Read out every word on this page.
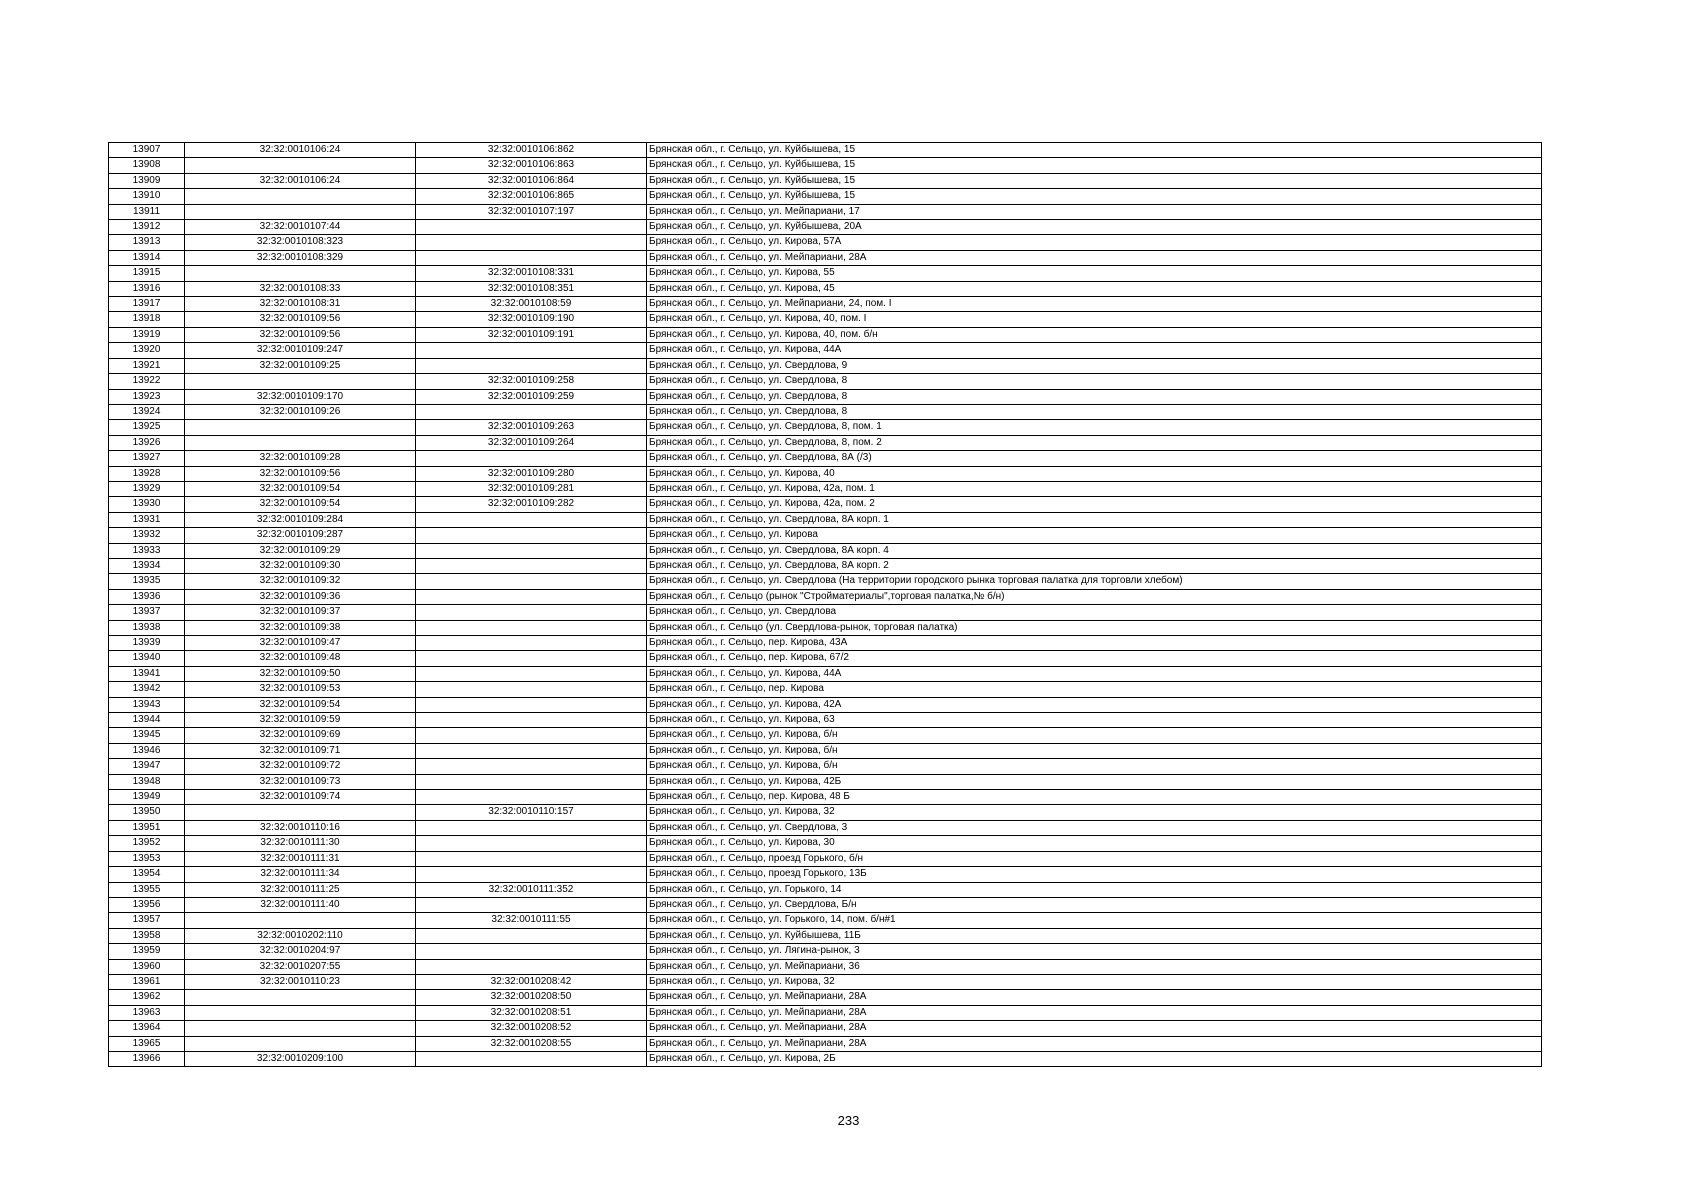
13907	32:32:0010106:24	32:32:0010106:862	Брянская обл., г. Сельцо, ул. Куйбышева, 15
13908		32:32:0010106:863	Брянская обл., г. Сельцо, ул. Куйбышева, 15
13909	32:32:0010106:24	32:32:0010106:864	Брянская обл., г. Сельцо, ул. Куйбышева, 15
13910		32:32:0010106:865	Брянская обл., г. Сельцо, ул. Куйбышева, 15
13911		32:32:0010107:197	Брянская обл., г. Сельцо, ул. Мейпариани, 17
13912	32:32:0010107:44		Брянская обл., г. Сельцо, ул. Куйбышева, 20А
13913	32:32:0010108:323		Брянская обл., г. Сельцо, ул. Кирова, 57А
13914	32:32:0010108:329		Брянская обл., г. Сельцо, ул. Мейпариани, 28А
13915		32:32:0010108:331	Брянская обл., г. Сельцо, ул. Кирова, 55
13916	32:32:0010108:33	32:32:0010108:351	Брянская обл., г. Сельцо, ул. Кирова, 45
13917	32:32:0010108:31	32:32:0010108:59	Брянская обл., г. Сельцо, ул. Мейпариани, 24, пом. I
13918	32:32:0010109:56	32:32:0010109:190	Брянская обл., г. Сельцо, ул. Кирова, 40, пом. I
13919	32:32:0010109:56	32:32:0010109:191	Брянская обл., г. Сельцо, ул. Кирова, 40, пом. б/н
13920	32:32:0010109:247		Брянская обл., г. Сельцо, ул. Кирова, 44А
13921	32:32:0010109:25		Брянская обл., г. Сельцо, ул. Свердлова, 9
13922		32:32:0010109:258	Брянская обл., г. Сельцо, ул. Свердлова, 8
13923	32:32:0010109:170	32:32:0010109:259	Брянская обл., г. Сельцо, ул. Свердлова, 8
13924	32:32:0010109:26		Брянская обл., г. Сельцо, ул. Свердлова, 8
13925		32:32:0010109:263	Брянская обл., г. Сельцо, ул. Свердлова, 8, пом. 1
13926		32:32:0010109:264	Брянская обл., г. Сельцо, ул. Свердлова, 8, пом. 2
13927	32:32:0010109:28		Брянская обл., г. Сельцо, ул. Свердлова, 8А (/3)
13928	32:32:0010109:56	32:32:0010109:280	Брянская обл., г. Сельцо, ул. Кирова, 40
13929	32:32:0010109:54	32:32:0010109:281	Брянская обл., г. Сельцо, ул. Кирова, 42а, пом. 1
13930	32:32:0010109:54	32:32:0010109:282	Брянская обл., г. Сельцо, ул. Кирова, 42а, пом. 2
13931	32:32:0010109:284		Брянская обл., г. Сельцо, ул. Свердлова, 8А корп. 1
13932	32:32:0010109:287		Брянская обл., г. Сельцо, ул. Кирова
13933	32:32:0010109:29		Брянская обл., г. Сельцо, ул. Свердлова, 8А корп. 4
13934	32:32:0010109:30		Брянская обл., г. Сельцо, ул. Свердлова, 8А корп. 2
13935	32:32:0010109:32		Брянская обл., г. Сельцо, ул. Свердлова (На территории городского рынка торговая палатка для торговли хлебом)
13936	32:32:0010109:36		Брянская обл., г. Сельцо (рынок "Стройматериалы",торговая палатка,№ б/н)
13937	32:32:0010109:37		Брянская обл., г. Сельцо, ул. Свердлова
13938	32:32:0010109:38		Брянская обл., г. Сельцо (ул. Свердлова-рынок, торговая палатка)
13939	32:32:0010109:47		Брянская обл., г. Сельцо, пер. Кирова, 43А
13940	32:32:0010109:48		Брянская обл., г. Сельцо, пер. Кирова, 67/2
13941	32:32:0010109:50		Брянская обл., г. Сельцо, ул. Кирова, 44А
13942	32:32:0010109:53		Брянская обл., г. Сельцо, пер. Кирова
13943	32:32:0010109:54		Брянская обл., г. Сельцо, ул. Кирова, 42А
13944	32:32:0010109:59		Брянская обл., г. Сельцо, ул. Кирова, 63
13945	32:32:0010109:69		Брянская обл., г. Сельцо, ул. Кирова, б/н
13946	32:32:0010109:71		Брянская обл., г. Сельцо, ул. Кирова, б/н
13947	32:32:0010109:72		Брянская обл., г. Сельцо, ул. Кирова, б/н
13948	32:32:0010109:73		Брянская обл., г. Сельцо, ул. Кирова, 42Б
13949	32:32:0010109:74		Брянская обл., г. Сельцо, пер. Кирова, 48 Б
13950		32:32:0010110:157	Брянская обл., г. Сельцо, ул. Кирова, 32
13951	32:32:0010110:16		Брянская обл., г. Сельцо, ул. Свердлова, 3
13952	32:32:0010111:30		Брянская обл., г. Сельцо, ул. Кирова, 30
13953	32:32:0010111:31		Брянская обл., г. Сельцо, проезд Горького, б/н
13954	32:32:0010111:34		Брянская обл., г. Сельцо, проезд Горького, 13Б
13955	32:32:0010111:25	32:32:0010111:352	Брянская обл., г. Сельцо, ул. Горького, 14
13956	32:32:0010111:40		Брянская обл., г. Сельцо, ул. Свердлова, Б/н
13957		32:32:0010111:55	Брянская обл., г. Сельцо, ул. Горького, 14, пом. б/н#1
13958	32:32:0010202:110		Брянская обл., г. Сельцо, ул. Куйбышева, 11Б
13959	32:32:0010204:97		Брянская обл., г. Сельцо, ул. Лягина-рынок, 3
13960	32:32:0010207:55		Брянская обл., г. Сельцо, ул. Мейпариани, 36
13961	32:32:0010110:23	32:32:0010208:42	Брянская обл., г. Сельцо, ул. Кирова, 32
13962		32:32:0010208:50	Брянская обл., г. Сельцо, ул. Мейпариани, 28А
13963		32:32:0010208:51	Брянская обл., г. Сельцо, ул. Мейпариани, 28А
13964		32:32:0010208:52	Брянская обл., г. Сельцо, ул. Мейпариани, 28А
13965		32:32:0010208:55	Брянская обл., г. Сельцо, ул. Мейпариани, 28А
13966	32:32:0010209:100		Брянская обл., г. Сельцо, ул. Кирова, 2Б
233
